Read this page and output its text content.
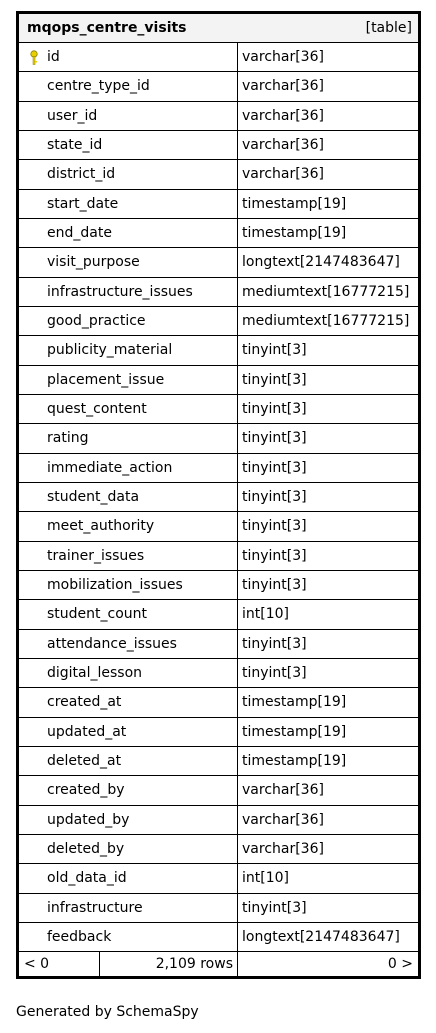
mqops_centre_visits	[table]
id	varchar[36]
centre_type_id	varchar[36]
user_id	varchar[36]
state_id	varchar[36]
district_id	varchar[36]
start_date	timestamp[19]
end_date	timestamp[19]
visit_purpose	longtext[2147483647]
infrastructure_issues	mediumtext[16777215]
good_practice	mediumtext[16777215]
publicity_material	tinyint[3]
placement_issue	tinyint[3]
quest_content	tinyint[3]
rating	tinyint[3]
immediate_action	tinyint[3]
student_data	tinyint[3]
meet_authority	tinyint[3]
trainer_issues	tinyint[3]
mobilization_issues	tinyint[3]
student_count	int[10]
attendance_issues	tinyint[3]
digital_lesson	tinyint[3]
created_at	timestamp[19]
updated_at	timestamp[19]
deleted_at	timestamp[19]
created_by	varchar[36]
updated_by	varchar[36]
deleted_by	varchar[36]
old_data_id	int[10]
infrastructure	tinyint[3]
feedback	longtext[2147483647]
< 0	2,109 rows	0 >
Generated by SchemaSpy
